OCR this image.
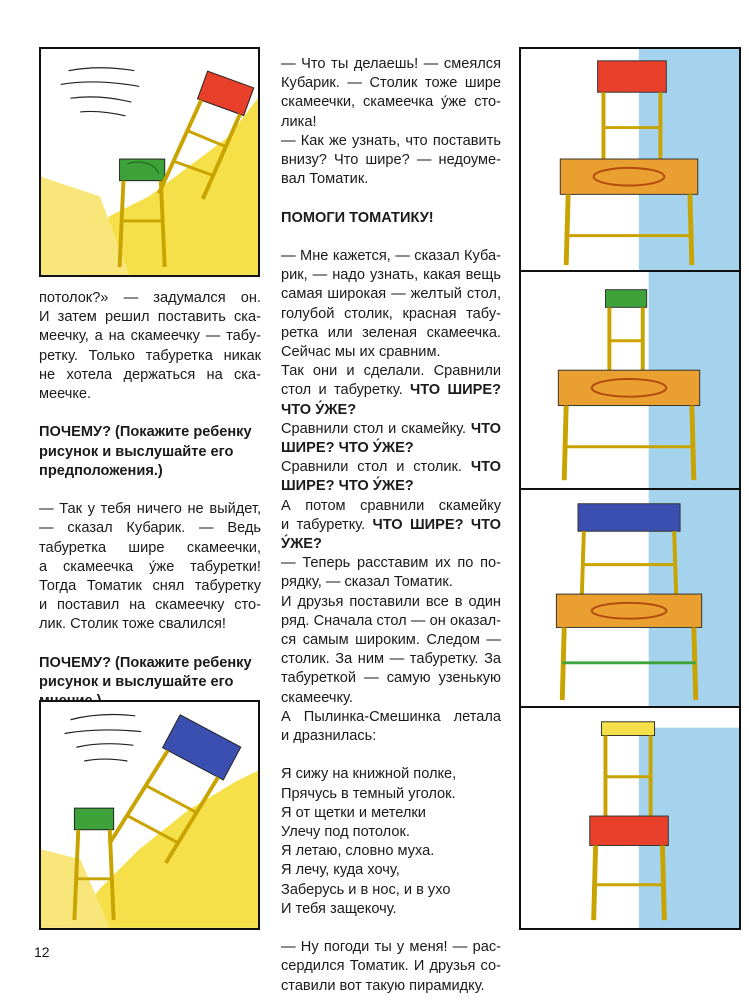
потолок?» — задумался он.

И затем решил поставить ска-

меечку, а на скамеечку — табу-

ретку. Только табуретка никак

не хотела держаться на ска-

меечке.

ПОЧЕМУ? (Покажите ребенку

рисунок и выслушайте его

предположения.)

— Так у тебя ничего не выйдет,

— сказал Кубарик. — Ведь

табуретка шире скамеечки,

а скамеечка у́же табуретки!

Тогда Томатик снял табуретку

и поставил на скамеечку сто-

лик. Столик тоже свалился!

ПОЧЕМУ? (Покажите ребенку

рисунок и выслушайте его

12

— Что ты делаешь! — смеялся

Кубарик. — Столик тоже шире

скамеечки, скамеечка у́же сто-

лика!

— Как же узнать, что поставить

внизу? Что шире? — недоуме-

вал Томатик.

ПОМОГИ ТОМАТИКУ!

— Мне кажется, — сказал Куба-

рик, — надо узнать, какая вещь

самая широкая — желтый стол,

голубой столик, красная табу-

ретка или зеленая скамеечка.

Сейчас мы их сравним.

Так они и сделали. Сравнили

стол и табуретку. ЧТО ШИРЕ?

ЧТО У́ЖЕ?

Сравнили стол и скамейку. ЧТО

ШИРЕ? ЧТО У́ЖЕ?

Сравнили стол и столик. ЧТО

ШИРЕ? ЧТО У́ЖЕ?

А потом сравнили скамейку

и табуретку. ЧТО ШИРЕ? ЧТО

У́ЖЕ?

— Теперь расставим их по по-

рядку, — сказал Томатик.

И друзья поставили все в один

ряд. Сначала стол — он оказал-

ся самым широким. Следом —

столик. За ним — табуретку. За

табуреткой — самую узенькую

скамеечку.

А Пылинка-Смешинка летала

и дразнилась:

Я сижу на книжной полке,

Прячусь в темный уголок.

Я от щетки и метелки

Улечу под потолок.

Я летаю, словно муха.

Я лечу, куда хочу,

Заберусь и в нос, и в ухо

И тебя защекочу.

— Ну погоди ты у меня! — рас-

сердился Томатик. И друзья со-

ставили вот такую пирамидку.
